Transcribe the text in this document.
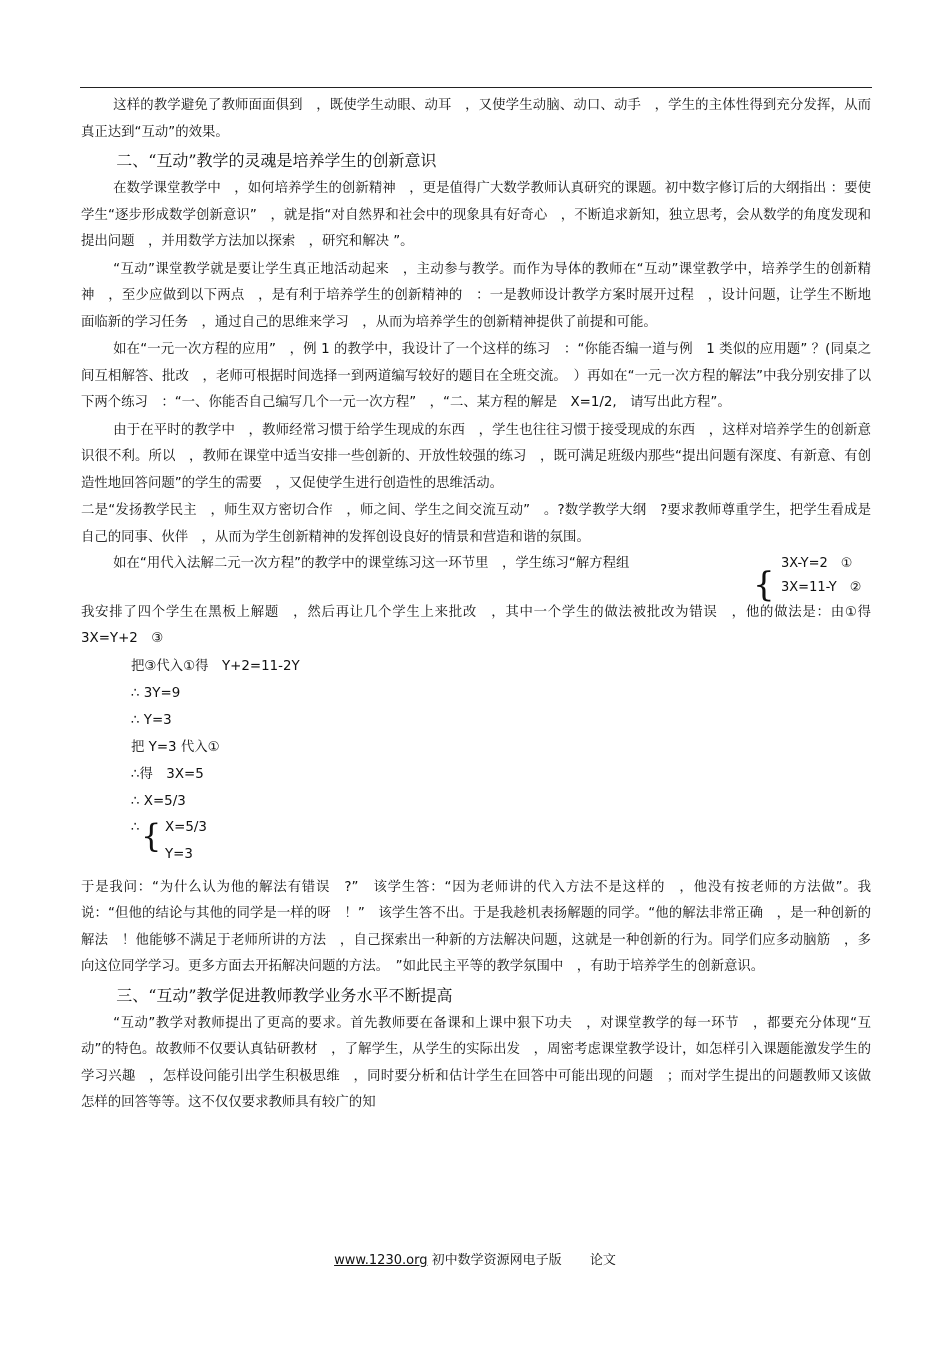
这样的教学避免了教师面面俱到　，既使学生动眼、动耳　，又使学生动脑、动口、动手　，学生的主体性得到充分发挥，从而真正达到“互动”的效果。

二、“互动”教学的灵魂是培养学生的创新意识

在数学课堂教学中　，如何培养学生的创新精神　，更是值得广大数学教师认真研究的课题。初中数字修订后的大纲指出 ：要使学生“逐步形成数学创新意识”　，就是指“对自然界和社会中的现象具有好奇心　，不断追求新知，独立思考，会从数学的角度发现和提出问题　，并用数学方法加以探索　，研究和解决 ”。

“互动”课堂教学就是要让学生真正地活动起来　，主动参与教学。而作为导体的教师在“互动”课堂教学中，培养学生的创新精神　，至少应做到以下两点　，是有利于培养学生的创新精神的　：一是教师设计教学方案时展开过程　，设计问题，让学生不断地面临新的学习任务　，通过自己的思维来学习　，从而为培养学生的创新精神提供了前提和可能。

如在“一元一次方程的应用”　，例 1 的教学中，我设计了一个这样的练习　：“你能否编一道与例　1 类似的应用题” ？(同桌之间互相解答、批改　，老师可根据时间选择一到两道编写较好的题目在全班交流。　）再如在“一元一次方程的解法”中我分别安排了以下两个练习　：“一、你能否自己编写几个一元一次方程”　，“二、某方程的解是　X=1/2,　请写出此方程”。

由于在平时的教学中　，教师经常习惯于给学生现成的东西　，学生也往往习惯于接受现成的东西　，这样对培养学生的创新意识很不利。所以　，教师在课堂中适当安排一些创新的、开放性较强的练习　，既可满足班级内那些“提出问题有深度、有新意、有创造性地回答问题”的学生的需要　，又促使学生进行创造性的思维活动。

二是“发扬教学民主　，师生双方密切合作　，师之间、学生之间交流互动”　。?数学教学大纲　?要求教师尊重学生，把学生看成是自己的同事、伙伴　，从而为学生创新精神的发挥创设良好的情景和营造和谐的氛围。

如在“用代入法解二元一次方程”的教学中的课堂练习这一环节里　，学生练习“解方程组	3X-Y=2　①
3X=11-Y　②
{

我安排了四个学生在黑板上解题　，然后再让几个学生上来批改　，其中一个学生的做法被批改为错误　，他的做法是：由①得　3X=Y+2　③

把③代入①得　Y+2=11-2Y

∴ 3Y=9

∴ Y=3

把 Y=3 代入①

∴得　3X=5

∴ X=5/3

∴ { X=5/3
Y=3

于是我问：“为什么认为他的解法有错误　?”　该学生答：“因为老师讲的代入方法不是这样的　，他没有按老师的方法做”。我说：“但他的结论与其他的同学是一样的呀　！”　该学生答不出。于是我趁机表扬解题的同学。“他的解法非常正确　，是一种创新的解法　！他能够不满足于老师所讲的方法　，自己探索出一种新的方法解决问题，这就是一种创新的行为。同学们应多动脑筋　，多向这位同学学习。更多方面去开拓解决问题的方法。　”如此民主平等的教学氛围中　，有助于培养学生的创新意识。

三、“互动”教学促进教师教学业务水平不断提高

“互动”教学对教师提出了更高的要求。首先教师要在备课和上课中狠下功夫　，对课堂教学的每一环节　，都要充分体现“互动”的特色。故教师不仅要认真钻研教材　，了解学生，从学生的实际出发　，周密考虑课堂教学设计，如怎样引入课题能激发学生的学习兴趣　，怎样设问能引出学生积极思维　，同时要分析和估计学生在回答中可能出现的问题　；而对学生提出的问题教师又该做怎样的回答等等。这不仅仅要求教师具有较广的知

www.1230.org 初中数学资源网电子版 论文
